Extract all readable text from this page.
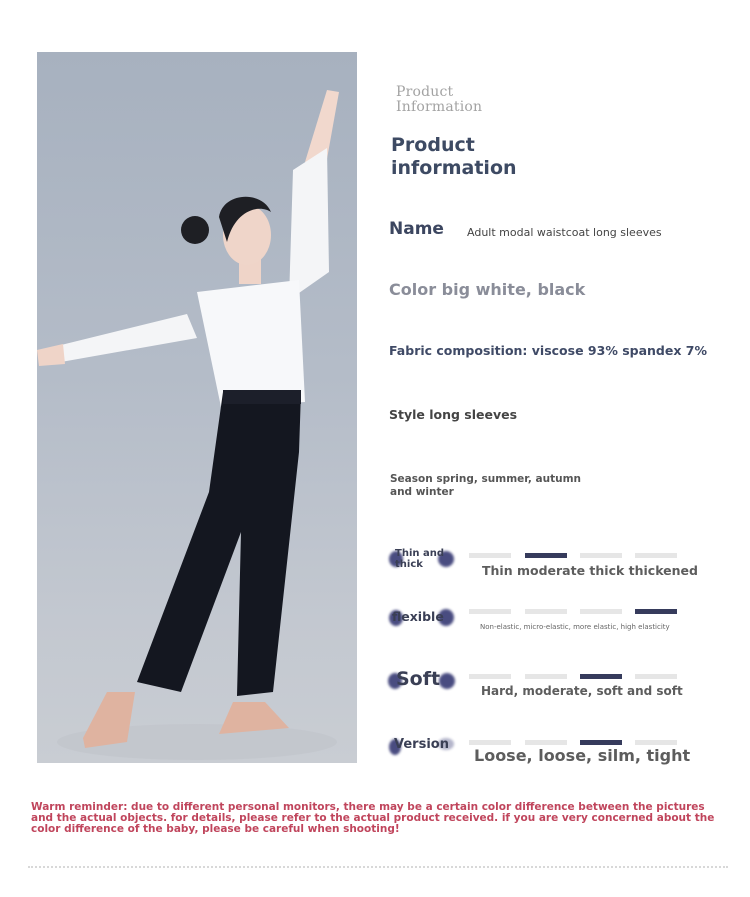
Product
Information
Product
information
Name Adult modal waistcoat long sleeves
Color big white, black
Fabric composition: viscose 93% spandex 7%
Style long sleeves
Season spring, summer, autumn and winter
Thin and
thick	Thin moderate thick thickened
flexible
Non-elastic, micro-elastic, more elastic, high elasticity
Soft
Hard, moderate, soft and soft
Version
Loose, loose, silm, tight
Warm reminder: due to different personal monitors, there may be a certain color difference between the pictures and the actual objects. for details, please refer to the actual product received. if you are very concerned about the color difference of the baby, please be careful when shooting!
